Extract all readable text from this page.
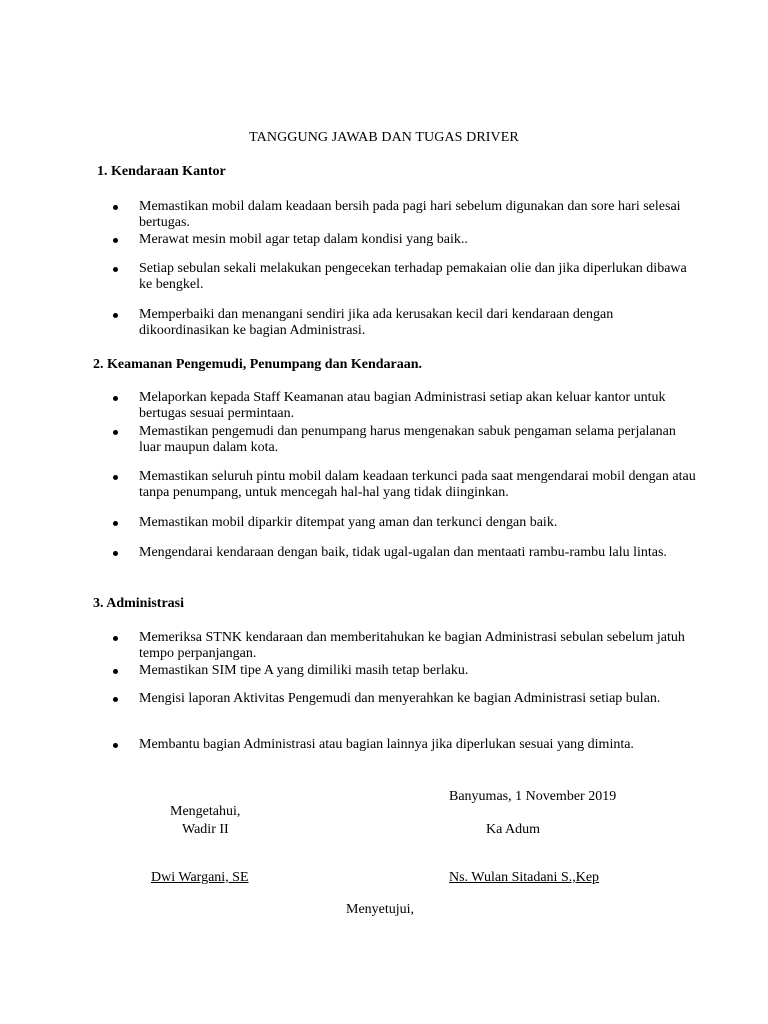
TANGGUNG JAWAB DAN TUGAS DRIVER
1. Kendaraan Kantor
Memastikan mobil dalam keadaan bersih pada pagi hari sebelum digunakan dan sore hari selesai bertugas.
Merawat mesin mobil agar tetap dalam kondisi yang baik..
Setiap sebulan sekali melakukan pengecekan terhadap pemakaian olie dan jika diperlukan dibawa ke bengkel.
Memperbaiki dan menangani sendiri jika ada kerusakan kecil dari kendaraan dengan dikoordinasikan ke bagian Administrasi.
2. Keamanan Pengemudi, Penumpang dan Kendaraan.
Melaporkan kepada Staff Keamanan atau bagian Administrasi setiap akan keluar kantor untuk bertugas sesuai permintaan.
Memastikan pengemudi dan penumpang harus mengenakan sabuk pengaman selama perjalanan luar maupun dalam kota.
Memastikan seluruh pintu mobil dalam keadaan terkunci pada saat mengendarai mobil dengan atau tanpa penumpang, untuk mencegah hal-hal yang tidak diinginkan.
Memastikan mobil diparkir ditempat yang aman dan terkunci dengan baik.
Mengendarai kendaraan dengan baik, tidak ugal-ugalan dan mentaati rambu-rambu lalu lintas.
3. Administrasi
Memeriksa STNK kendaraan dan memberitahukan ke bagian Administrasi sebulan sebelum jatuh tempo perpanjangan.
Memastikan SIM tipe A yang dimiliki masih tetap berlaku.
Mengisi laporan Aktivitas Pengemudi dan menyerahkan ke bagian Administrasi setiap bulan.
Membantu bagian Administrasi atau bagian lainnya jika diperlukan sesuai yang diminta.
Banyumas, 1 November 2019
Mengetahui,
Wadir II	Ka Adum
Dwi Wargani, SE	Ns. Wulan Sitadani S.,Kep
Menyetujui,
